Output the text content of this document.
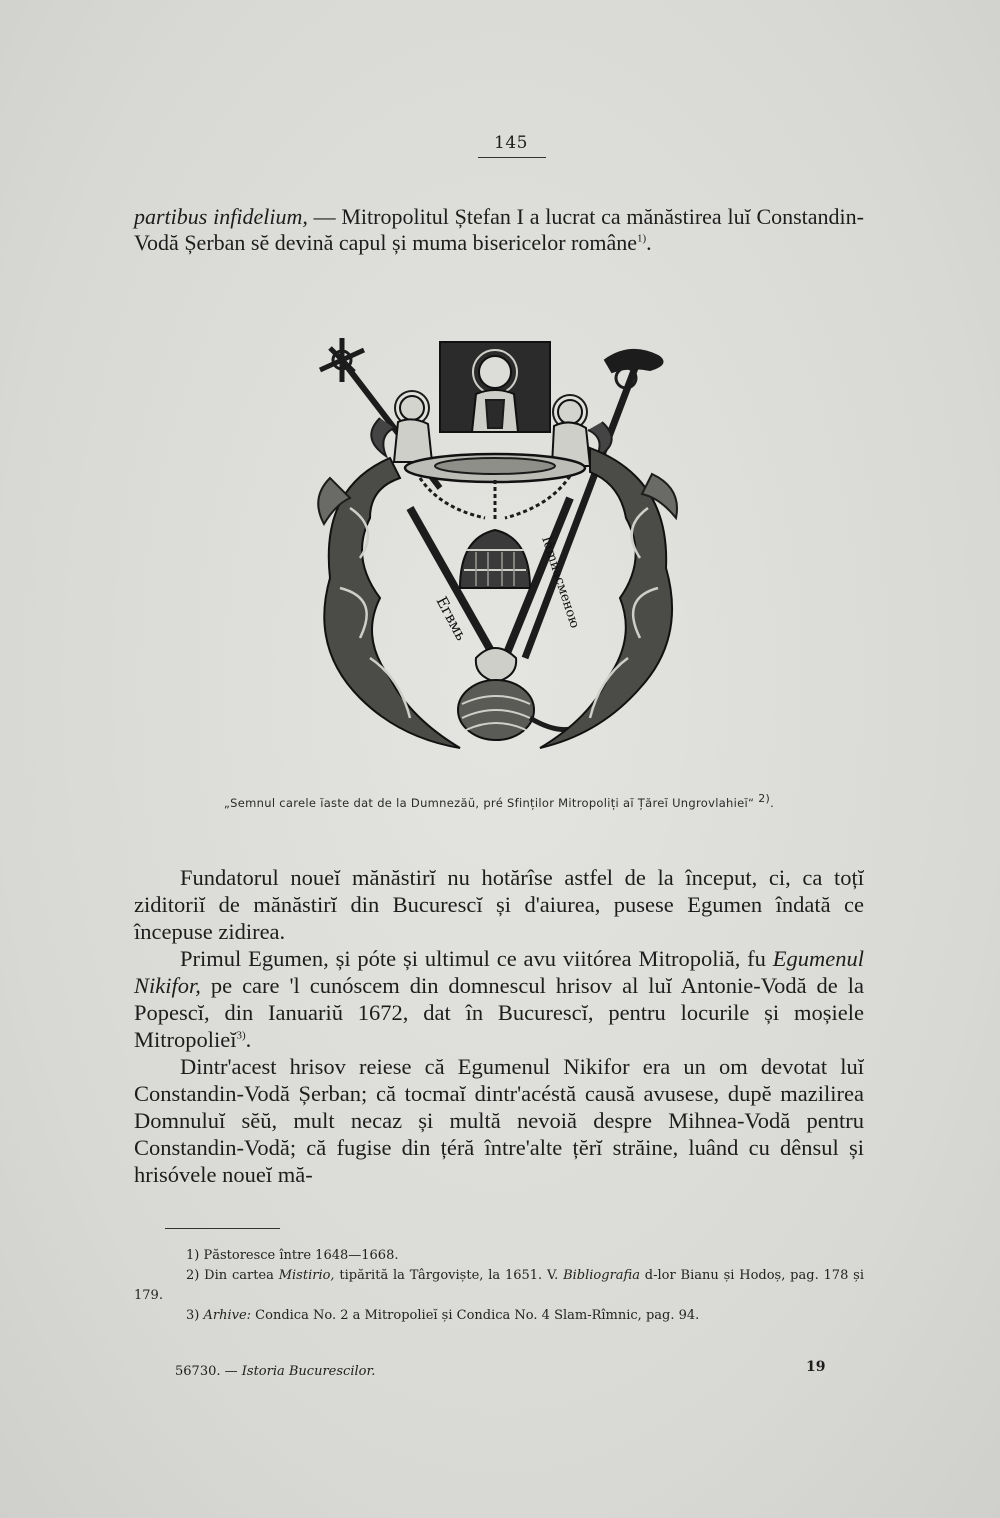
145
partibus infidelium, — Mitropolitul Ștefan I a lucrat ca mănăstirea luĭ Constandin-Vodă Șerban sĕ devină capul și muma bisericelor române$^{1)}$.
Егвмь	Ιἁmиасменою
„Semnul carele ĭaste dat de la Dumnezăŭ, pré Sfinților Mitropoliți aĭ Țăreĭ Ungrovlahieĭ“ $^{2)}$.

Fundatorul noueĭ mănăstirĭ nu hotărîse astfel de la început, ci, ca toțĭ ziditoriĭ de mănăstirĭ din Bucurescĭ și d'aiurea, pusese Egumen îndată ce începuse zidirea.

Primul Egumen, și póte și ultimul ce avu viitórea Mitropoliă, fu Egumenul Nikifor, pe care 'l cunóscem din domnescul hrisov al luĭ Antonie-Vodă de la Popescĭ, din Ianuariŭ 1672, dat în Bucurescĭ, pentru locurile și moșiele Mitropolieĭ$^{3)}$.

Dintr'acest hrisov reiese că Egumenul Nikifor era un om devotat luĭ Constandin-Vodă Șerban; că tocmaĭ dintr'acéstă causă avusese, dupĕ mazilirea Domnuluĭ sĕŭ, mult necaz și multă nevoiă despre Mihnea-Vodă pentru Constandin-Vodă; că fugise din țéră între'alte țĕrĭ străine, luând cu dênsul și hrisóvele noueĭ mă-

1) Păstoresce între 1648—1668.

2) Din cartea Mistirio, tipărită la Târgoviște, la 1651. V. Bibliografia d-lor Bianu și Hodoș, pag. 178 și 179.

3) Arhive: Condica No. 2 a Mitropolieĭ și Condica No. 4 Slam-Rîmnic, pag. 94.

56730. — Istoria Bucurescilor.	19
